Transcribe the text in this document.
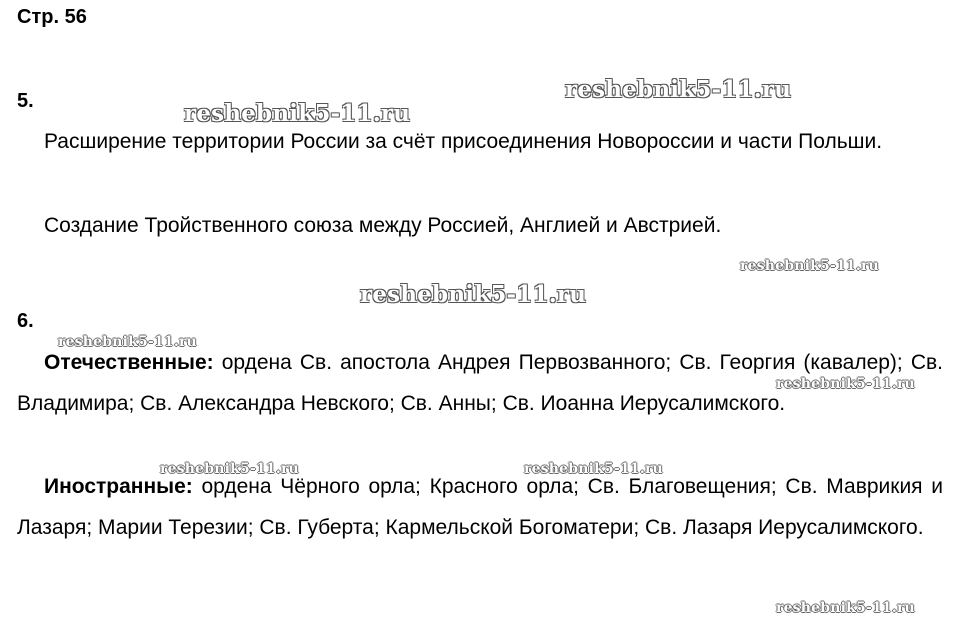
Стр. 56
5.
Расширение территории России за счёт присоединения Новороссии и части Польши.
Создание Тройственного союза между Россией, Англией и Австрией.
6.
Отечественные: ордена Св. апостола Андрея Первозванного; Св. Георгия (кавалер); Св. Владимира; Св. Александра Невского; Св. Анны; Св. Иоанна Иерусалимского.
Иностранные: ордена Чёрного орла; Красного орла; Св. Благовещения; Св. Маврикия и Лазаря; Марии Терезии; Св. Губерта; Кармельской Богоматери; Св. Лазаря Иерусалимского.
reshebnik5-11.ru
reshebnik5-11.ru
reshebnik5-11.ru
reshebnik5-11.ru
reshebnik5-11.ru
reshebnik5-11.ru
reshebnik5-11.ru	reshebnik5-11.ru
reshebnik5-11.ru
